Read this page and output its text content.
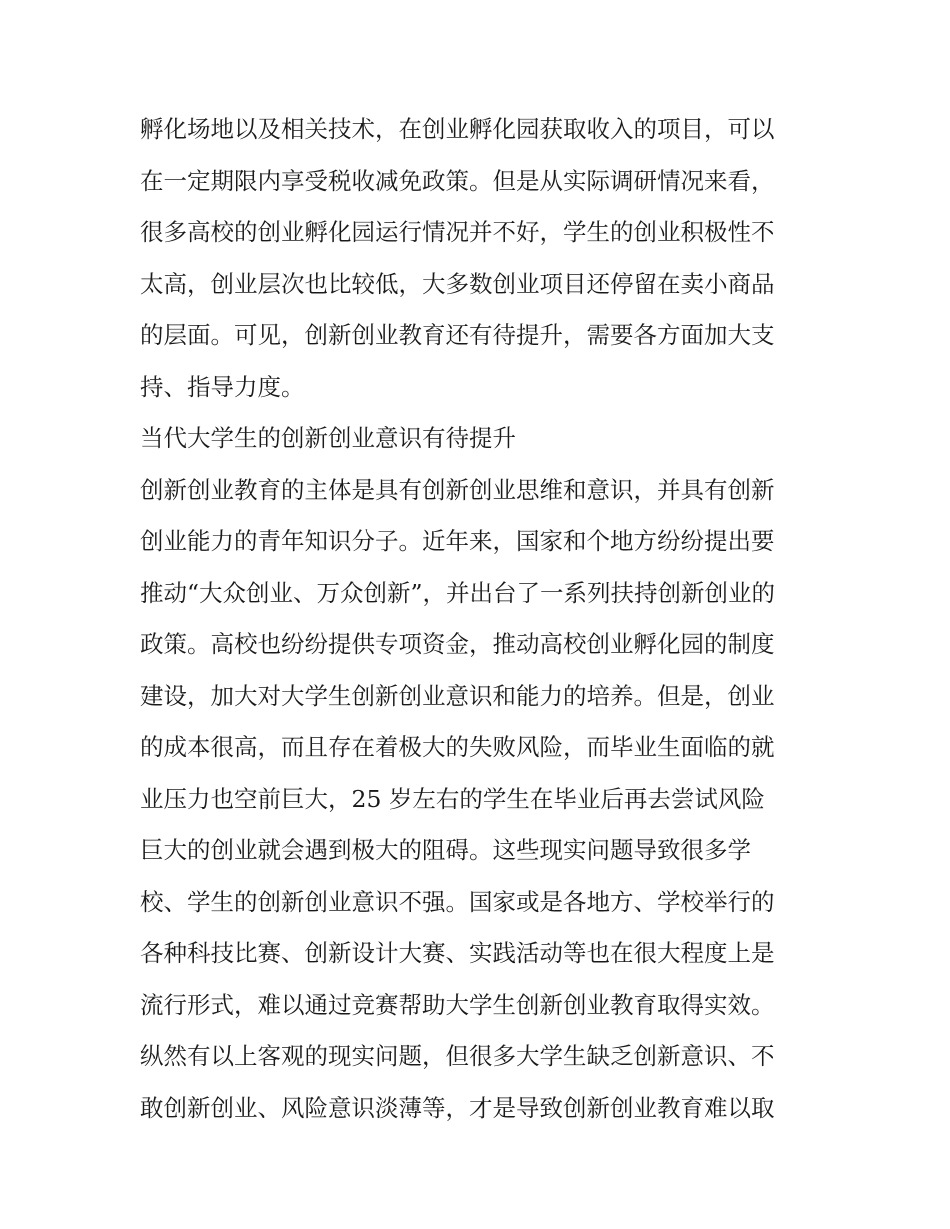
孵化场地以及相关技术，在创业孵化园获取收入的项目，可以
在一定期限内享受税收减免政策。但是从实际调研情况来看，
很多高校的创业孵化园运行情况并不好，学生的创业积极性不
太高，创业层次也比较低，大多数创业项目还停留在卖小商品
的层面。可见，创新创业教育还有待提升，需要各方面加大支
持、指导力度。
当代大学生的创新创业意识有待提升
创新创业教育的主体是具有创新创业思维和意识，并具有创新
创业能力的青年知识分子。近年来，国家和个地方纷纷提出要
推动“大众创业、万众创新”，并出台了一系列扶持创新创业的
政策。高校也纷纷提供专项资金，推动高校创业孵化园的制度
建设，加大对大学生创新创业意识和能力的培养。但是，创业
的成本很高，而且存在着极大的失败风险，而毕业生面临的就
业压力也空前巨大，25 岁左右的学生在毕业后再去尝试风险
巨大的创业就会遇到极大的阻碍。这些现实问题导致很多学
校、学生的创新创业意识不强。国家或是各地方、学校举行的
各种科技比赛、创新设计大赛、实践活动等也在很大程度上是
流行形式，难以通过竞赛帮助大学生创新创业教育取得实效。
纵然有以上客观的现实问题，但很多大学生缺乏创新意识、不
敢创新创业、风险意识淡薄等，才是导致创新创业教育难以取
